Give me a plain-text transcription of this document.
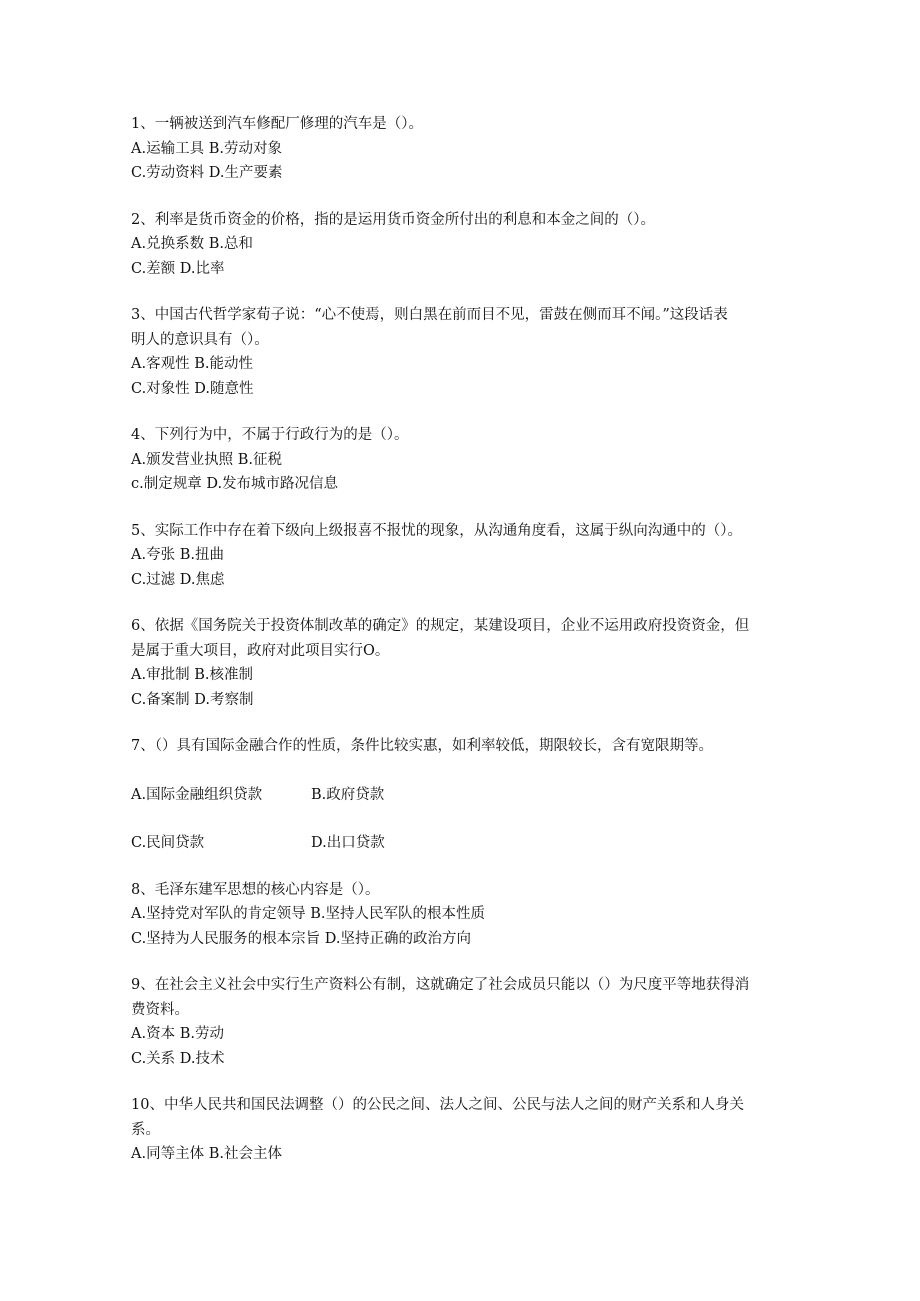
1、一辆被送到汽车修配厂修理的汽车是（）。
A.运输工具 B.劳动对象
C.劳动资料 D.生产要素
2、利率是货币资金的价格，指的是运用货币资金所付出的利息和本金之间的（）。
A.兑换系数 B.总和
C.差额 D.比率
3、中国古代哲学家荀子说：“心不使焉，则白黑在前而目不见，雷鼓在侧而耳不闻。”这段话表
明人的意识具有（）。
A.客观性 B.能动性
C.对象性 D.随意性
4、下列行为中，不属于行政行为的是（）。
A.颁发营业执照 B.征税
c.制定规章 D.发布城市路况信息
5、实际工作中存在着下级向上级报喜不报忧的现象，从沟通角度看，这属于纵向沟通中的（）。
A.夸张 B.扭曲
C.过滤 D.焦虑
6、依据《国务院关于投资体制改革的确定》的规定，某建设项目，企业不运用政府投资资金，但
是属于重大项目，政府对此项目实行O。
A.审批制 B.核准制
C.备案制 D.考察制
7、（）具有国际金融合作的性质，条件比较实惠，如利率较低，期限较长，含有宽限期等。
A.国际金融组织贷款	B.政府贷款
C.民间贷款	D.出口贷款
8、毛泽东建军思想的核心内容是（）。
A.坚持党对军队的肯定领导 B.坚持人民军队的根本性质
C.坚持为人民服务的根本宗旨 D.坚持正确的政治方向
9、在社会主义社会中实行生产资料公有制，这就确定了社会成员只能以（）为尺度平等地获得消
费资料。
A.资本 B.劳动
C.关系 D.技术
10、中华人民共和国民法调整（）的公民之间、法人之间、公民与法人之间的财产关系和人身关
系。
A.同等主体 B.社会主体
